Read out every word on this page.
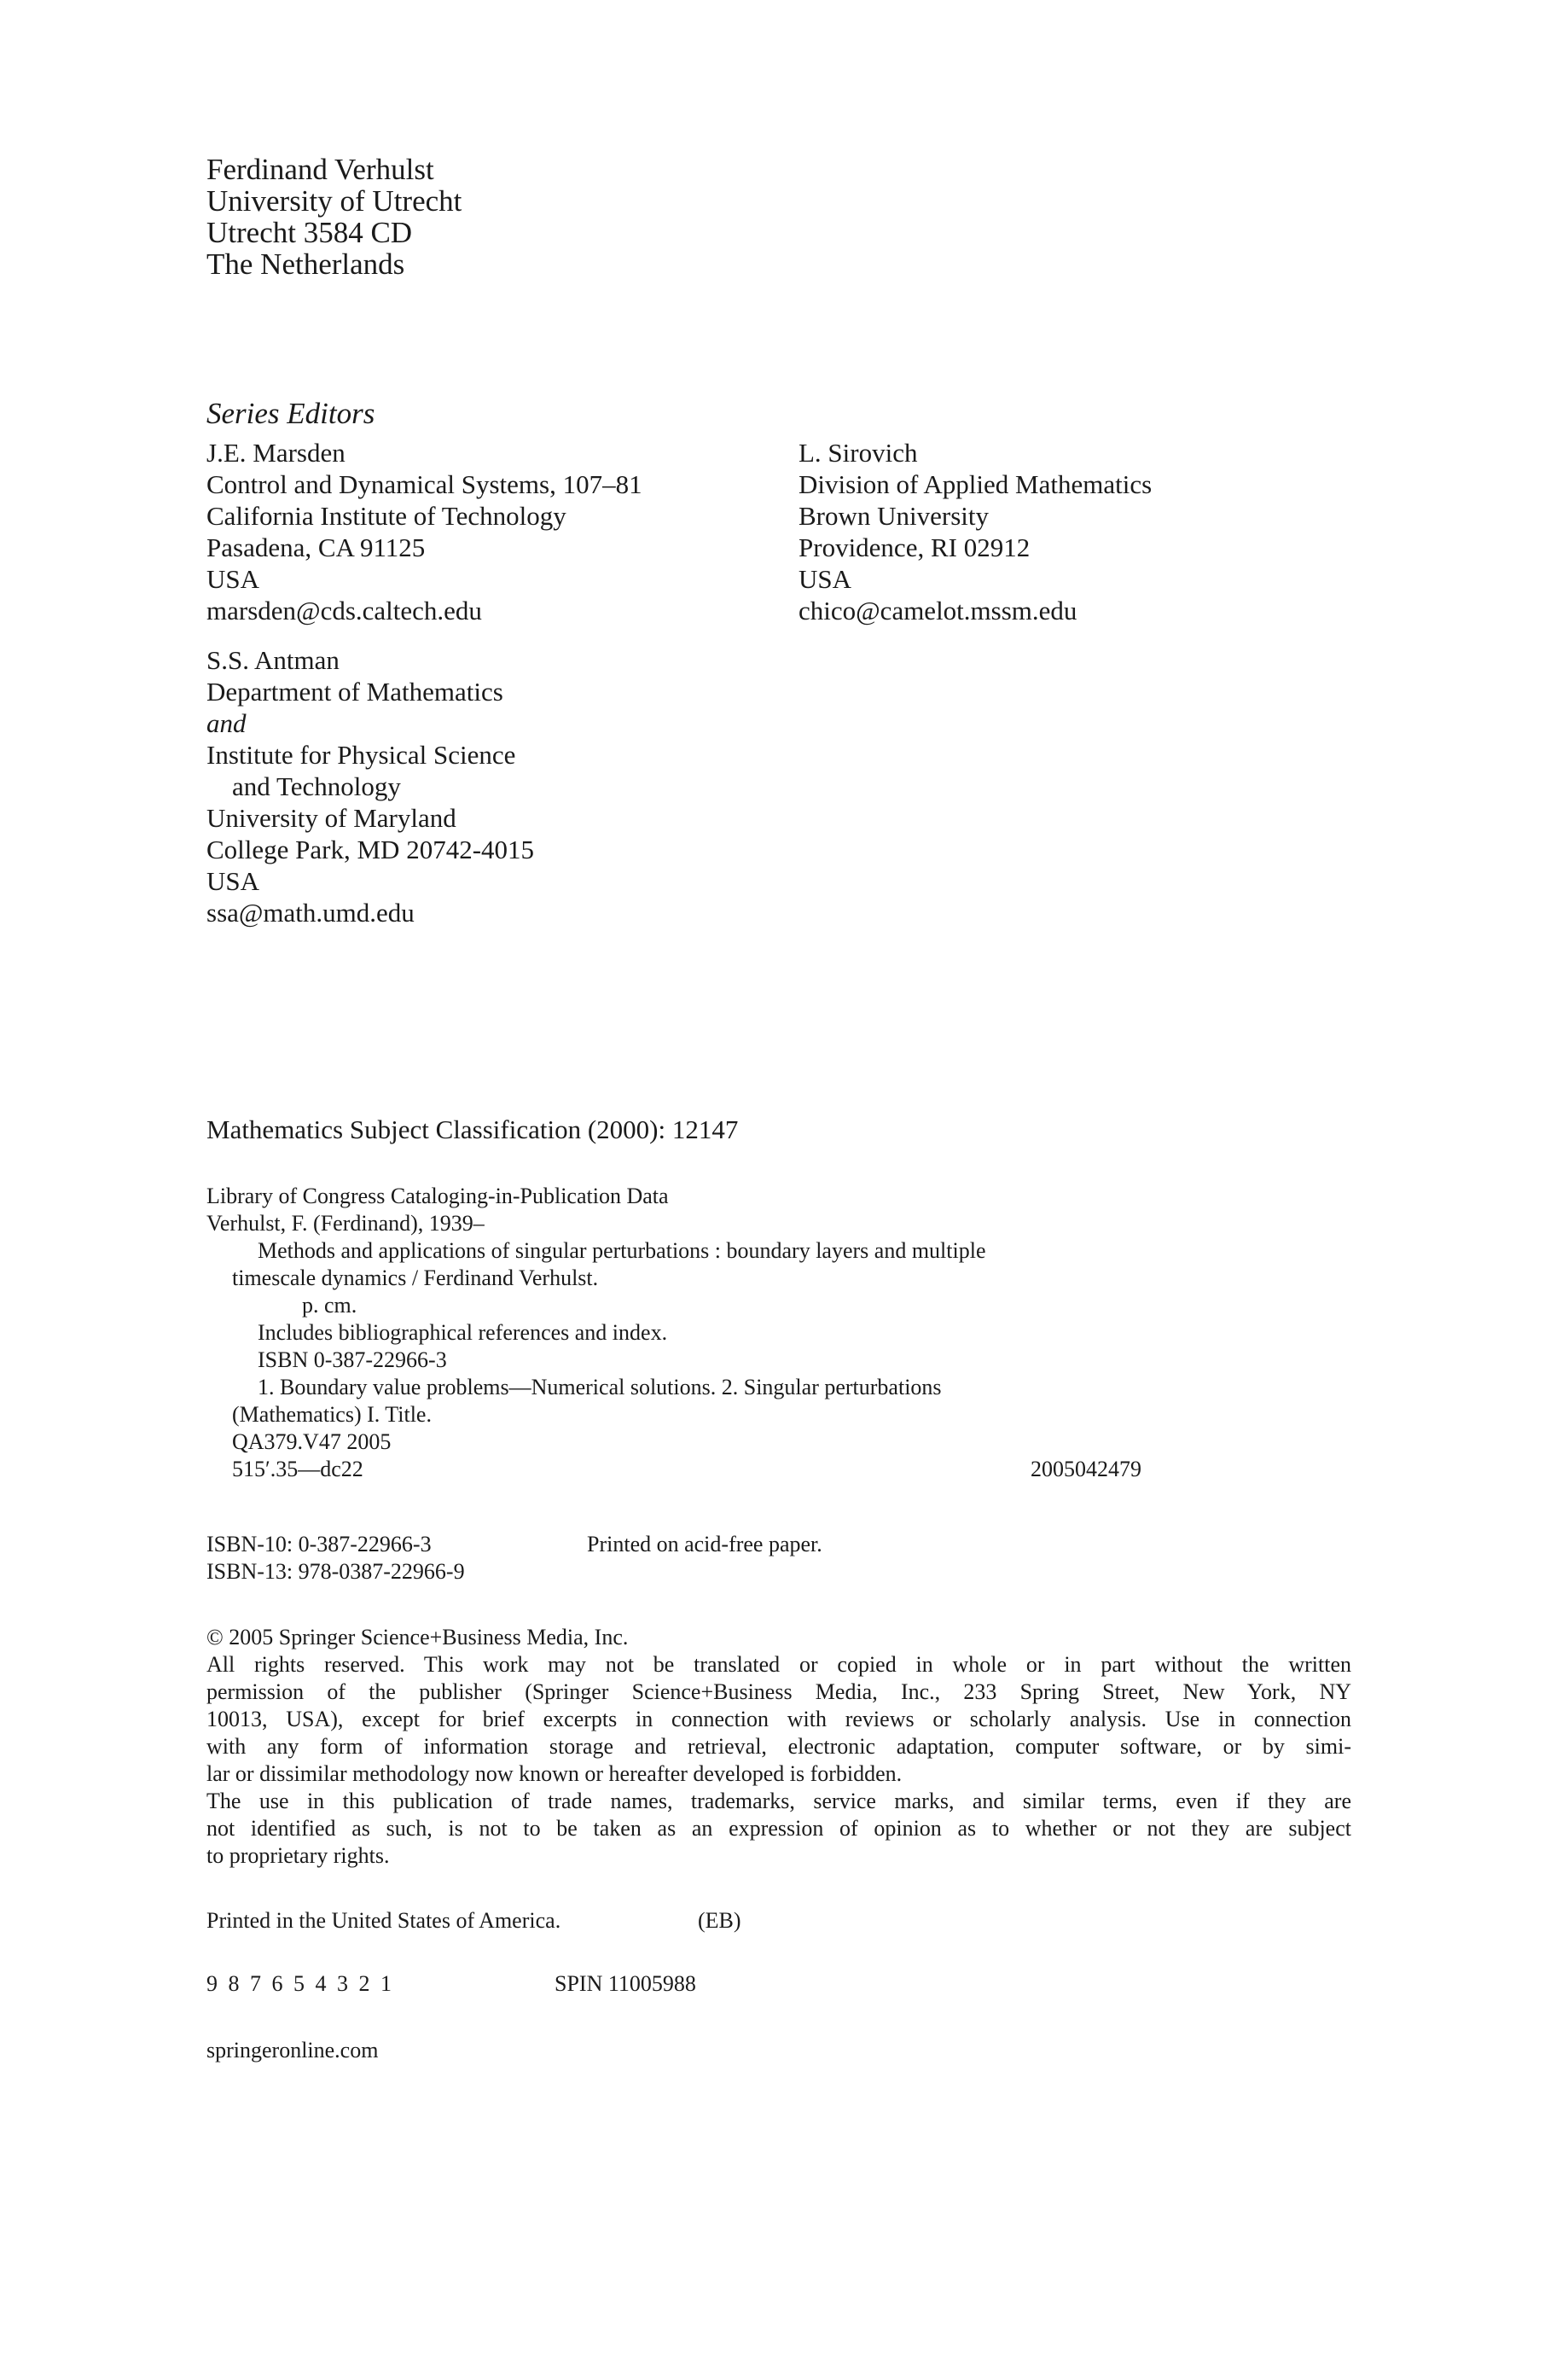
Ferdinand Verhulst
University of Utrecht
Utrecht 3584 CD
The Netherlands
Series Editors
J.E. Marsden
Control and Dynamical Systems, 107–81
California Institute of Technology
Pasadena, CA 91125
USA
marsden@cds.caltech.edu
L. Sirovich
Division of Applied Mathematics
Brown University
Providence, RI 02912
USA
chico@camelot.mssm.edu
S.S. Antman
Department of Mathematics
and
Institute for Physical Science
and Technology
University of Maryland
College Park, MD 20742-4015
USA
ssa@math.umd.edu
Mathematics Subject Classification (2000): 12147
Library of Congress Cataloging-in-Publication Data
Verhulst, F. (Ferdinand), 1939–
Methods and applications of singular perturbations : boundary layers and multiple
timescale dynamics / Ferdinand Verhulst.
p. cm.
Includes bibliographical references and index.
ISBN 0-387-22966-3
1. Boundary value problems—Numerical solutions. 2. Singular perturbations
(Mathematics) I. Title.
QA379.V47 2005
515′.35—dc22	2005042479
ISBN-10: 0-387-22966-3
ISBN-13: 978-0387-22966-9
Printed on acid-free paper.
© 2005 Springer Science+Business Media, Inc.
All rights reserved. This work may not be translated or copied in whole or in part without the written
permission of the publisher (Springer Science+Business Media, Inc., 233 Spring Street, New York, NY
10013, USA), except for brief excerpts in connection with reviews or scholarly analysis. Use in connection
with any form of information storage and retrieval, electronic adaptation, computer software, or by simi-
lar or dissimilar methodology now known or hereafter developed is forbidden.
The use in this publication of trade names, trademarks, service marks, and similar terms, even if they are
not identified as such, is not to be taken as an expression of opinion as to whether or not they are subject
to proprietary rights.
Printed in the United States of America.	(EB)
9 8 7 6 5 4 3 2 1	SPIN 11005988
springeronline.com
